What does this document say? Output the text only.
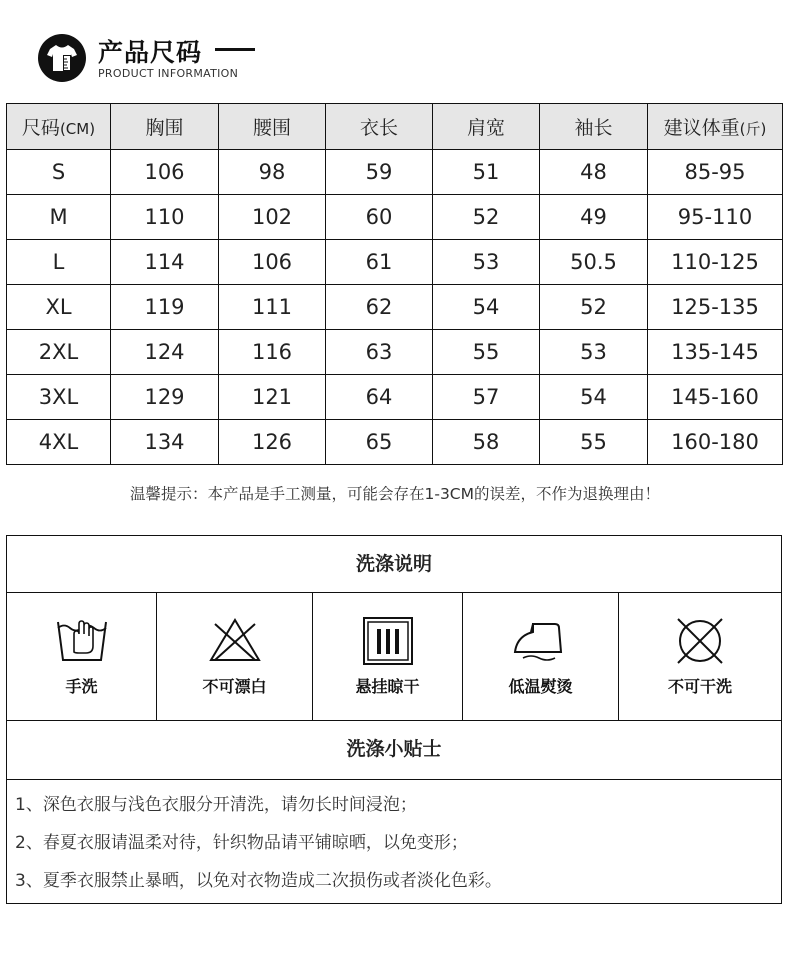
产品尺码
PRODUCT INFORMATION
尺码(CM)	胸围	腰围	衣长	肩宽	袖长	建议体重(斤)
S	106	98	59	51	48	85-95
M	110	102	60	52	49	95-110
L	114	106	61	53	50.5	110-125
XL	119	111	62	54	52	125-135
2XL	124	116	63	55	53	135-145
3XL	129	121	64	57	54	145-160
4XL	134	126	65	58	55	160-180
温馨提示：本产品是手工测量，可能会存在1-3CM的误差，不作为退换理由！
洗涤说明
手洗	不可漂白	悬挂晾干	低温熨烫	不可干洗
洗涤小贴士
1、深色衣服与浅色衣服分开清洗，请勿长时间浸泡；
2、春夏衣服请温柔对待，针织物品请平铺晾晒，以免变形；
3、夏季衣服禁止暴晒，以免对衣物造成二次损伤或者淡化色彩。
